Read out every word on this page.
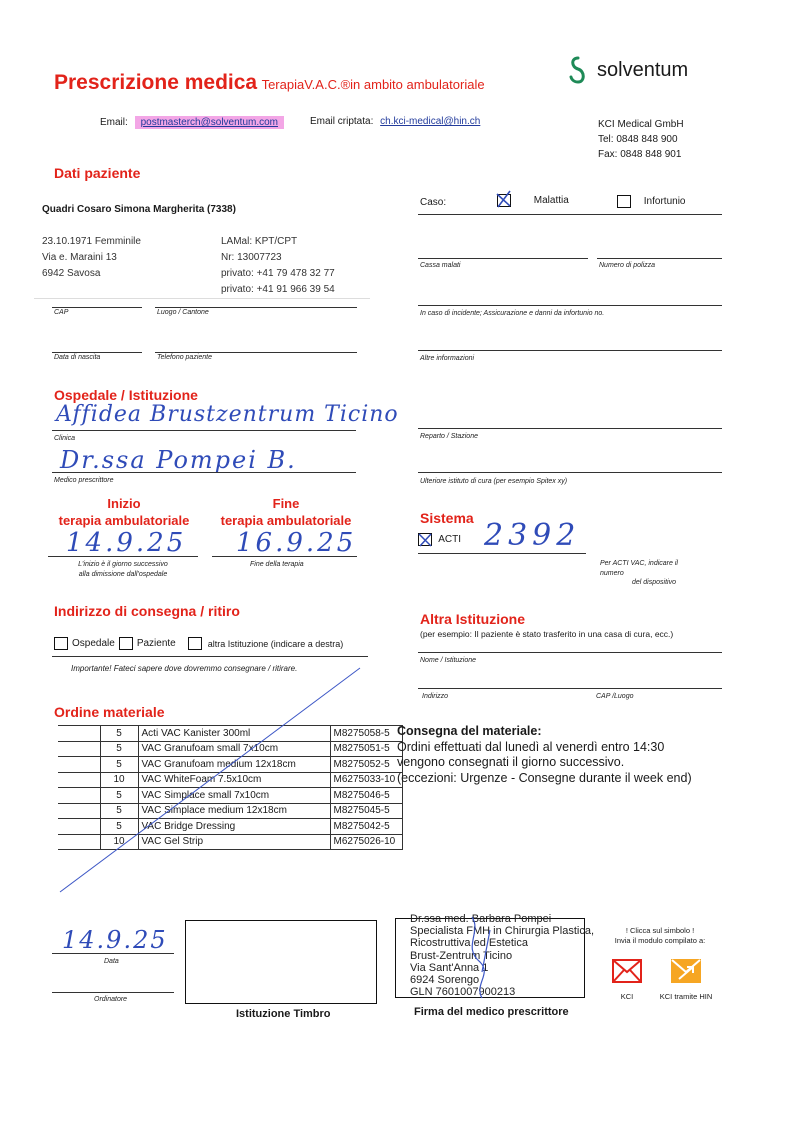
Prescrizione medica TerapiaV.A.C.®in ambito ambulatoriale
solventum
Email: postmasterch@solventum.com	Email criptata: ch.kci-medical@hin.ch	KCI Medical GmbH
Tel: 0848 848 900
Fax: 0848 848 901
Dati paziente
Quadri Cosaro Simona Margherita (7338)
23.10.1971 Femminile
Via e. Maraini 13
6942 Savosa
LAMal: KPT/CPT
Nr: 13007723
privato: +41 79 478 32 77
privato: +41 91 966 39 54
CAP	Luogo / Cantone
Data di nascita	Telefono paziente
Caso:	Malattia	Infortunio
Cassa malati	Numero di polizza
In caso di incidente; Assicurazione e danni da infortunio no.
Altre informazioni
Ospedale / Istituzione
Affidea Brustzentrum Ticino
Clinica
Dr.ssa Pompei B.
Medico prescrittore
Reparto / Stazione
Ulteriore istituto di cura (per esempio Spitex xy)
Inizio
terapia ambulatoriale
Fine
terapia ambulatoriale
14.9.25 16.9.25
L'inizio è il giorno successivo
alla dimissione dall'ospedale
Fine della terapia
Sistema
ACTI 2392
Per ACTI VAC, indicare il
numero
del dispositivo
Indirizzo di consegna / ritiro
Ospedale Paziente	altra Istituzione (indicare a destra)
Importante! Fateci sapere dove dovremmo consegnare / ritirare.
Altra Istituzione
(per esempio: Il paziente è stato trasferito in una casa di cura, ecc.)
Nome / Istituzione
Indirizzo	CAP /Luogo
Ordine materiale
	5	Acti VAC Kanister 300ml	M8275058-5
	5	VAC Granufoam small 7x10cm	M8275051-5
	5	VAC Granufoam medium 12x18cm	M8275052-5
	10	VAC WhiteFoam 7.5x10cm	M6275033-10
	5	VAC Simplace small 7x10cm	M8275046-5
	5	VAC Simplace medium 12x18cm	M8275045-5
	5	VAC Bridge Dressing	M8275042-5
	10	VAC Gel Strip	M6275026-10
Consegna del materiale:
Ordini effettuati dal lunedì al venerdì entro 14:30
vengono consegnati il giorno successivo.
(eccezioni: Urgenze - Consegne durante il week end)
14.9.25
Data
Ordinatore
Istituzione Timbro
Dr.ssa med. Barbara Pompei
Specialista FMH in Chirurgia Plastica,
Ricostruttiva ed Estetica
Brust-Zentrum Ticino
Via Sant'Anna 1
6924 Sorengo
GLN 7601007900213
Firma del medico prescrittore
! Clicca sul simbolo !
Invia il modulo compilato a:
KCI	KCI tramite HIN
